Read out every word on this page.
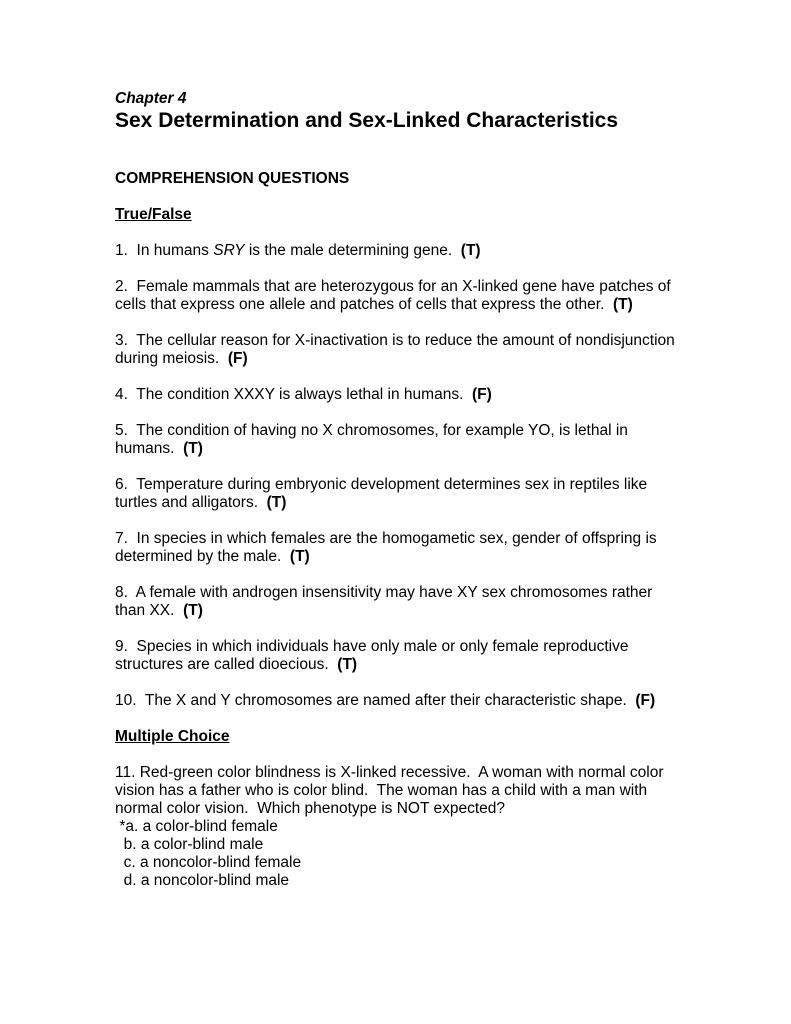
Chapter 4

Sex Determination and Sex-Linked Characteristics

COMPREHENSION QUESTIONS

True/False

1.  In humans SRY is the male determining gene.  (T)

2.  Female mammals that are heterozygous for an X-linked gene have patches of cells that express one allele and patches of cells that express the other.  (T)

3.  The cellular reason for X-inactivation is to reduce the amount of nondisjunction during meiosis.  (F)

4.  The condition XXXY is always lethal in humans.  (F)

5.  The condition of having no X chromosomes, for example YO, is lethal in humans.  (T)

6.  Temperature during embryonic development determines sex in reptiles like turtles and alligators.  (T)

7.  In species in which females are the homogametic sex, gender of offspring is determined by the male.  (T)

8.  A female with androgen insensitivity may have XY sex chromosomes rather than XX.  (T)

9.  Species in which individuals have only male or only female reproductive structures are called dioecious.  (T)

10.  The X and Y chromosomes are named after their characteristic shape.  (F)

Multiple Choice

11. Red-green color blindness is X-linked recessive.  A woman with normal color vision has a father who is color blind.  The woman has a child with a man with normal color vision.  Which phenotype is NOT expected?

*a. a color-blind female
b. a color-blind male
c. a noncolor-blind female
d. a noncolor-blind male
